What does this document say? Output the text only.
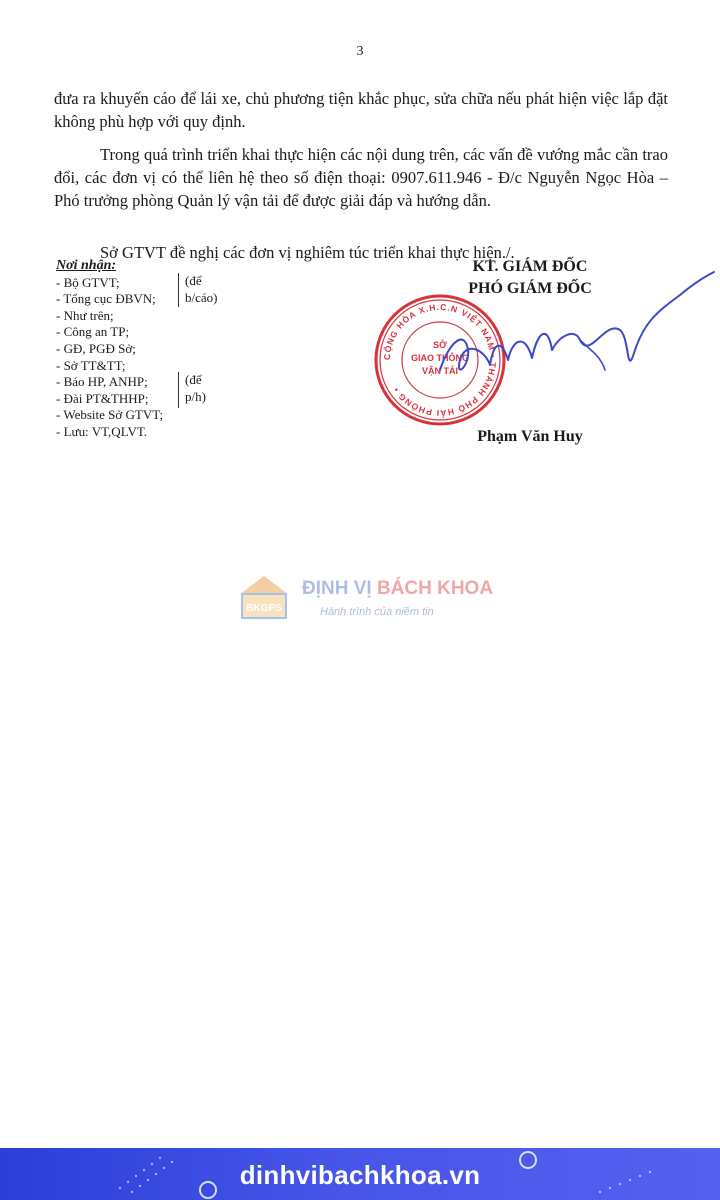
3

đưa ra khuyến cáo để lái xe, chủ phương tiện khắc phục, sửa chữa nếu phát hiện việc lắp đặt không phù hợp với quy định.

Trong quá trình triển khai thực hiện các nội dung trên, các vấn đề vướng mắc cần trao đổi, các đơn vị có thể liên hệ theo số điện thoại: 0907.611.946 - Đ/c Nguyễn Ngọc Hòa – Phó trưởng phòng Quản lý vận tải để được giải đáp và hướng dẫn.

Sở GTVT đề nghị các đơn vị nghiêm túc triển khai thực hiện./.

Nơi nhận:
- Bộ GTVT;
- Tổng cục ĐBVN;
- Như trên;
- Công an TP;
- GĐ, PGĐ Sở;
- Sở TT&TT;
- Báo HP, ANHP;
- Đài PT&THHP;
- Website Sở GTVT;
- Lưu: VT,QLVT.
(để
b/cáo)
(để
p/h)
KT. GIÁM ĐỐC
PHÓ GIÁM ĐỐC
CỘNG HÒA X.H.C.N VIỆT NAM • THÀNH PHỐ HẢI PHÒNG •
SỞ
GIAO THÔNG
VẬN TẢI
Phạm Văn Huy
BKGPS
ĐỊNH VỊ BÁCH KHOA
Hành trình của niềm tin
dinhvibachkhoa.vn
